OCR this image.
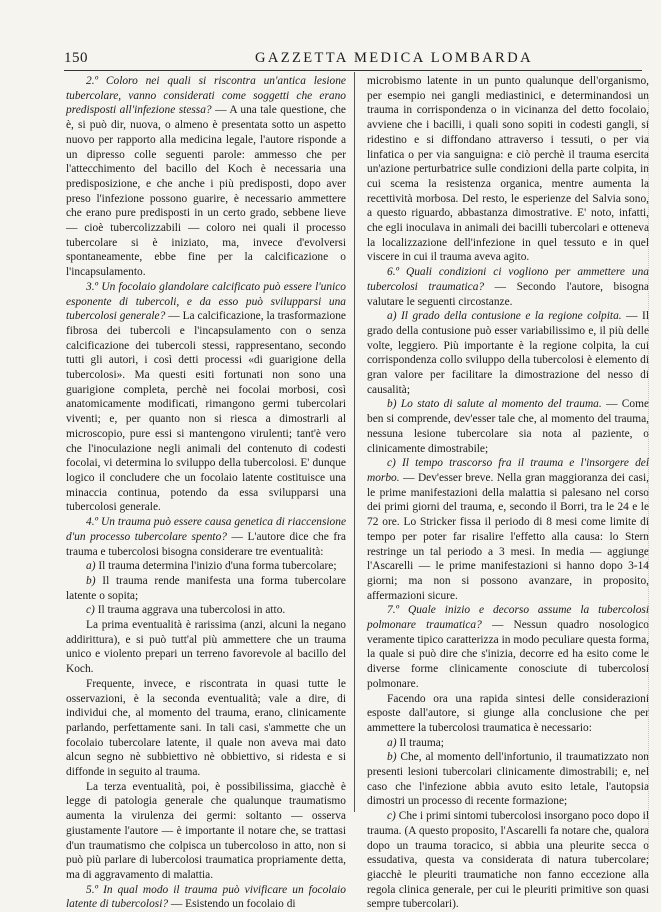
150	GAZZETTA MEDICA LOMBARDA

2.º Coloro nei quali si riscontra un'antica lesione tubercolare, vanno considerati come soggetti che erano predisposti all'infezione stessa? — A una tale questione, che è, si può dir, nuova, o almeno è presentata sotto un aspetto nuovo per rapporto alla medicina legale, l'autore risponde a un dipresso colle seguenti parole: ammesso che per l'attecchimento del bacillo del Koch è necessaria una predisposizione, e che anche i più predisposti, dopo aver preso l'infezione possono guarire, è necessario ammettere che erano pure predisposti in un certo grado, sebbene lieve — cioè tubercolizzabili — coloro nei quali il processo tubercolare si è iniziato, ma, invece d'evolversi spontaneamente, ebbe fine per la calcificazione o l'incapsulamento.

3.º Un focolaio glandolare calcificato può essere l'unico esponente di tubercoli, e da esso può svilupparsi una tubercolosi generale? — La calcificazione, la trasformazione fibrosa dei tubercoli e l'incapsulamento con o senza calcificazione dei tubercoli stessi, rappresentano, secondo tutti gli autori, i così detti processi «di guarigione della tubercolosi». Ma questi esiti fortunati non sono una guarigione completa, perchè nei focolai morbosi, così anatomicamente modificati, rimangono germi tubercolari viventi; e, per quanto non si riesca a dimostrarli al microscopio, pure essi si mantengono virulenti; tant'è vero che l'inoculazione negli animali del contenuto di codesti focolai, vi determina lo sviluppo della tubercolosi. E' dunque logico il concludere che un focolaio latente costituisce una minaccia continua, potendo da essa svilupparsi una tubercolosi generale.

4.º Un trauma può essere causa genetica di riaccensione d'un processo tubercolare spento? — L'autore dice che fra trauma e tubercolosi bisogna considerare tre eventualità:

a) Il trauma determina l'inizio d'una forma tubercolare;

b) Il trauma rende manifesta una forma tubercolare latente o sopita;

c) Il trauma aggrava una tubercolosi in atto.

La prima eventualità è rarissima (anzi, alcuni la negano addirittura), e si può tutt'al più ammettere che un trauma unico e violento prepari un terreno favorevole al bacillo del Koch.

Frequente, invece, e riscontrata in quasi tutte le osservazioni, è la seconda eventualità; vale a dire, di individui che, al momento del trauma, erano, clinicamente parlando, perfettamente sani. In tali casi, s'ammette che un focolaio tubercolare latente, il quale non aveva mai dato alcun segno nè subbiettivo nè obbiettivo, si ridesta e si diffonde in seguito al trauma.

La terza eventualità, poi, è possibilissima, giacchè è legge di patologia generale che qualunque traumatismo aumenta la virulenza dei germi: soltanto — osserva giustamente l'autore — è importante il notare che, se trattasi d'un traumatismo che colpisca un tubercoloso in atto, non si può più parlare di lubercolosi traumatica propriamente detta, ma di aggravamento di malattia.

5.º In qual modo il trauma può vivificare un focolaio latente di tubercolosi? — Esistendo un focolaio di

microbismo latente in un punto qualunque dell'organismo, per esempio nei gangli mediastinici, e determinandosi un trauma in corrispondenza o in vicinanza del detto focolaio, avviene che i bacilli, i quali sono sopiti in codesti gangli, si ridestino e si diffondano attraverso i tessuti, o per via linfatica o per via sanguigna: e ciò perchè il trauma esercita un'azione perturbatrice sulle condizioni della parte colpita, in cui scema la resistenza organica, mentre aumenta la recettività morbosa. Del resto, le esperienze del Salvia sono, a questo riguardo, abbastanza dimostrative. E' noto, infatti, che egli inoculava in animali dei bacilli tubercolari e otteneva la localizzazione dell'infezione in quel tessuto e in quel viscere in cui il trauma aveva agito.

6.º Quali condizioni ci vogliono per ammettere una tubercolosi traumatica? — Secondo l'autore, bisogna valutare le seguenti circostanze.

a) Il grado della contusione e la regione colpita. — Il grado della contusione può esser variabilissimo e, il più delle volte, leggiero. Più importante è la regione colpita, la cui corrispondenza collo sviluppo della tubercolosi è elemento di gran valore per facilitare la dimostrazione del nesso di causalità;

b) Lo stato di salute al momento del trauma. — Come ben si comprende, dev'esser tale che, al momento del trauma, nessuna lesione tubercolare sia nota al paziente, o clinicamente dimostrabile;

c) Il tempo trascorso fra il trauma e l'insorgere del morbo. — Dev'esser breve. Nella gran maggioranza dei casi, le prime manifestazioni della malattia si palesano nel corso dei primi giorni del trauma, e, secondo il Borri, tra le 24 e le 72 ore. Lo Stricker fissa il periodo di 8 mesi come limite di tempo per poter far risalire l'effetto alla causa: lo Stern restringe un tal periodo a 3 mesi. In media — aggiunge l'Ascarelli — le prime manifestazioni si hanno dopo 3-14 giorni; ma non si possono avanzare, in proposito, affermazioni sicure.

7.º Quale inizio e decorso assume la tubercolosi polmonare traumatica? — Nessun quadro nosologico veramente tipico caratterizza in modo peculiare questa forma, la quale si può dire che s'inizia, decorre ed ha esito come le diverse forme clinicamente conosciute di tubercolosi polmonare.

Facendo ora una rapida sintesi delle considerazioni esposte dall'autore, si giunge alla conclusione che per ammettere la tubercolosi traumatica è necessario:

a) Il trauma;

b) Che, al momento dell'infortunio, il traumatizzato non presenti lesioni tubercolari clinicamente dimostrabili; e, nel caso che l'infezione abbia avuto esito letale, l'autopsia dimostri un processo di recente formazione;

c) Che i primi sintomi tubercolosi insorgano poco dopo il trauma. (A questo proposito, l'Ascarelli fa notare che, qualora dopo un trauma toracico, si abbia una pleurite secca o essudativa, questa va considerata di natura tubercolare; giacchè le pleuriti traumatiche non fanno eccezione alla regola clinica generale, per cui le pleuriti primitive son quasi sempre tubercolari).
